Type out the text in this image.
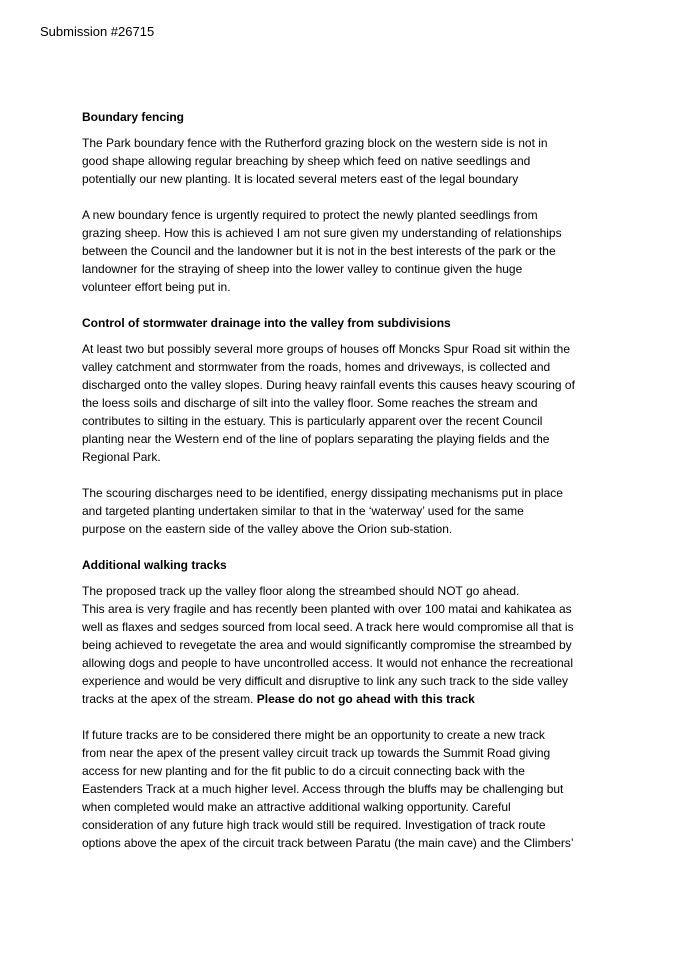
Submission #26715
Boundary fencing
The Park boundary fence with the Rutherford grazing block on the western side is not in
good shape allowing regular breaching by sheep which feed on native seedlings and
potentially our new planting. It is located several meters east of the legal boundary
A new boundary fence is urgently required to protect the newly planted seedlings from
grazing sheep. How this is achieved I am not sure given my understanding of relationships
between the Council and the landowner but it is not in the best interests of the park or the
landowner for the straying of sheep into the lower valley to continue given the huge
volunteer effort being put in.
Control of stormwater drainage into the valley from subdivisions
At least two but possibly several more groups of houses off Moncks Spur Road sit within the
valley catchment and stormwater from the roads, homes and driveways, is collected and
discharged onto the valley slopes. During heavy rainfall events this causes heavy scouring of
the loess soils and discharge of silt into the valley floor. Some reaches the stream and
contributes to silting in the estuary. This is particularly apparent over the recent Council
planting near the Western end of the line of poplars separating the playing fields and the
Regional Park.
The scouring discharges need to be identified, energy dissipating mechanisms put in place
and targeted planting undertaken similar to that in the ‘waterway’ used for the same
purpose on the eastern side of the valley above the Orion sub-station.
Additional walking tracks
The proposed track up the valley floor along the streambed should NOT go ahead.
This area is very fragile and has recently been planted with over 100 matai and kahikatea as
well as flaxes and sedges sourced from local seed. A track here would compromise all that is
being achieved to revegetate the area and would significantly compromise the streambed by
allowing dogs and people to have uncontrolled access. It would not enhance the recreational
experience and would be very difficult and disruptive to link any such track to the side valley
tracks at the apex of the stream. Please do not go ahead with this track
If future tracks are to be considered there might be an opportunity to create a new track
from near the apex of the present valley circuit track up towards the Summit Road giving
access for new planting and for the fit public to do a circuit connecting back with the
Eastenders Track at a much higher level. Access through the bluffs may be challenging but
when completed would make an attractive additional walking opportunity. Careful
consideration of any future high track would still be required. Investigation of track route
options above the apex of the circuit track between Paratu (the main cave) and the Climbers’
